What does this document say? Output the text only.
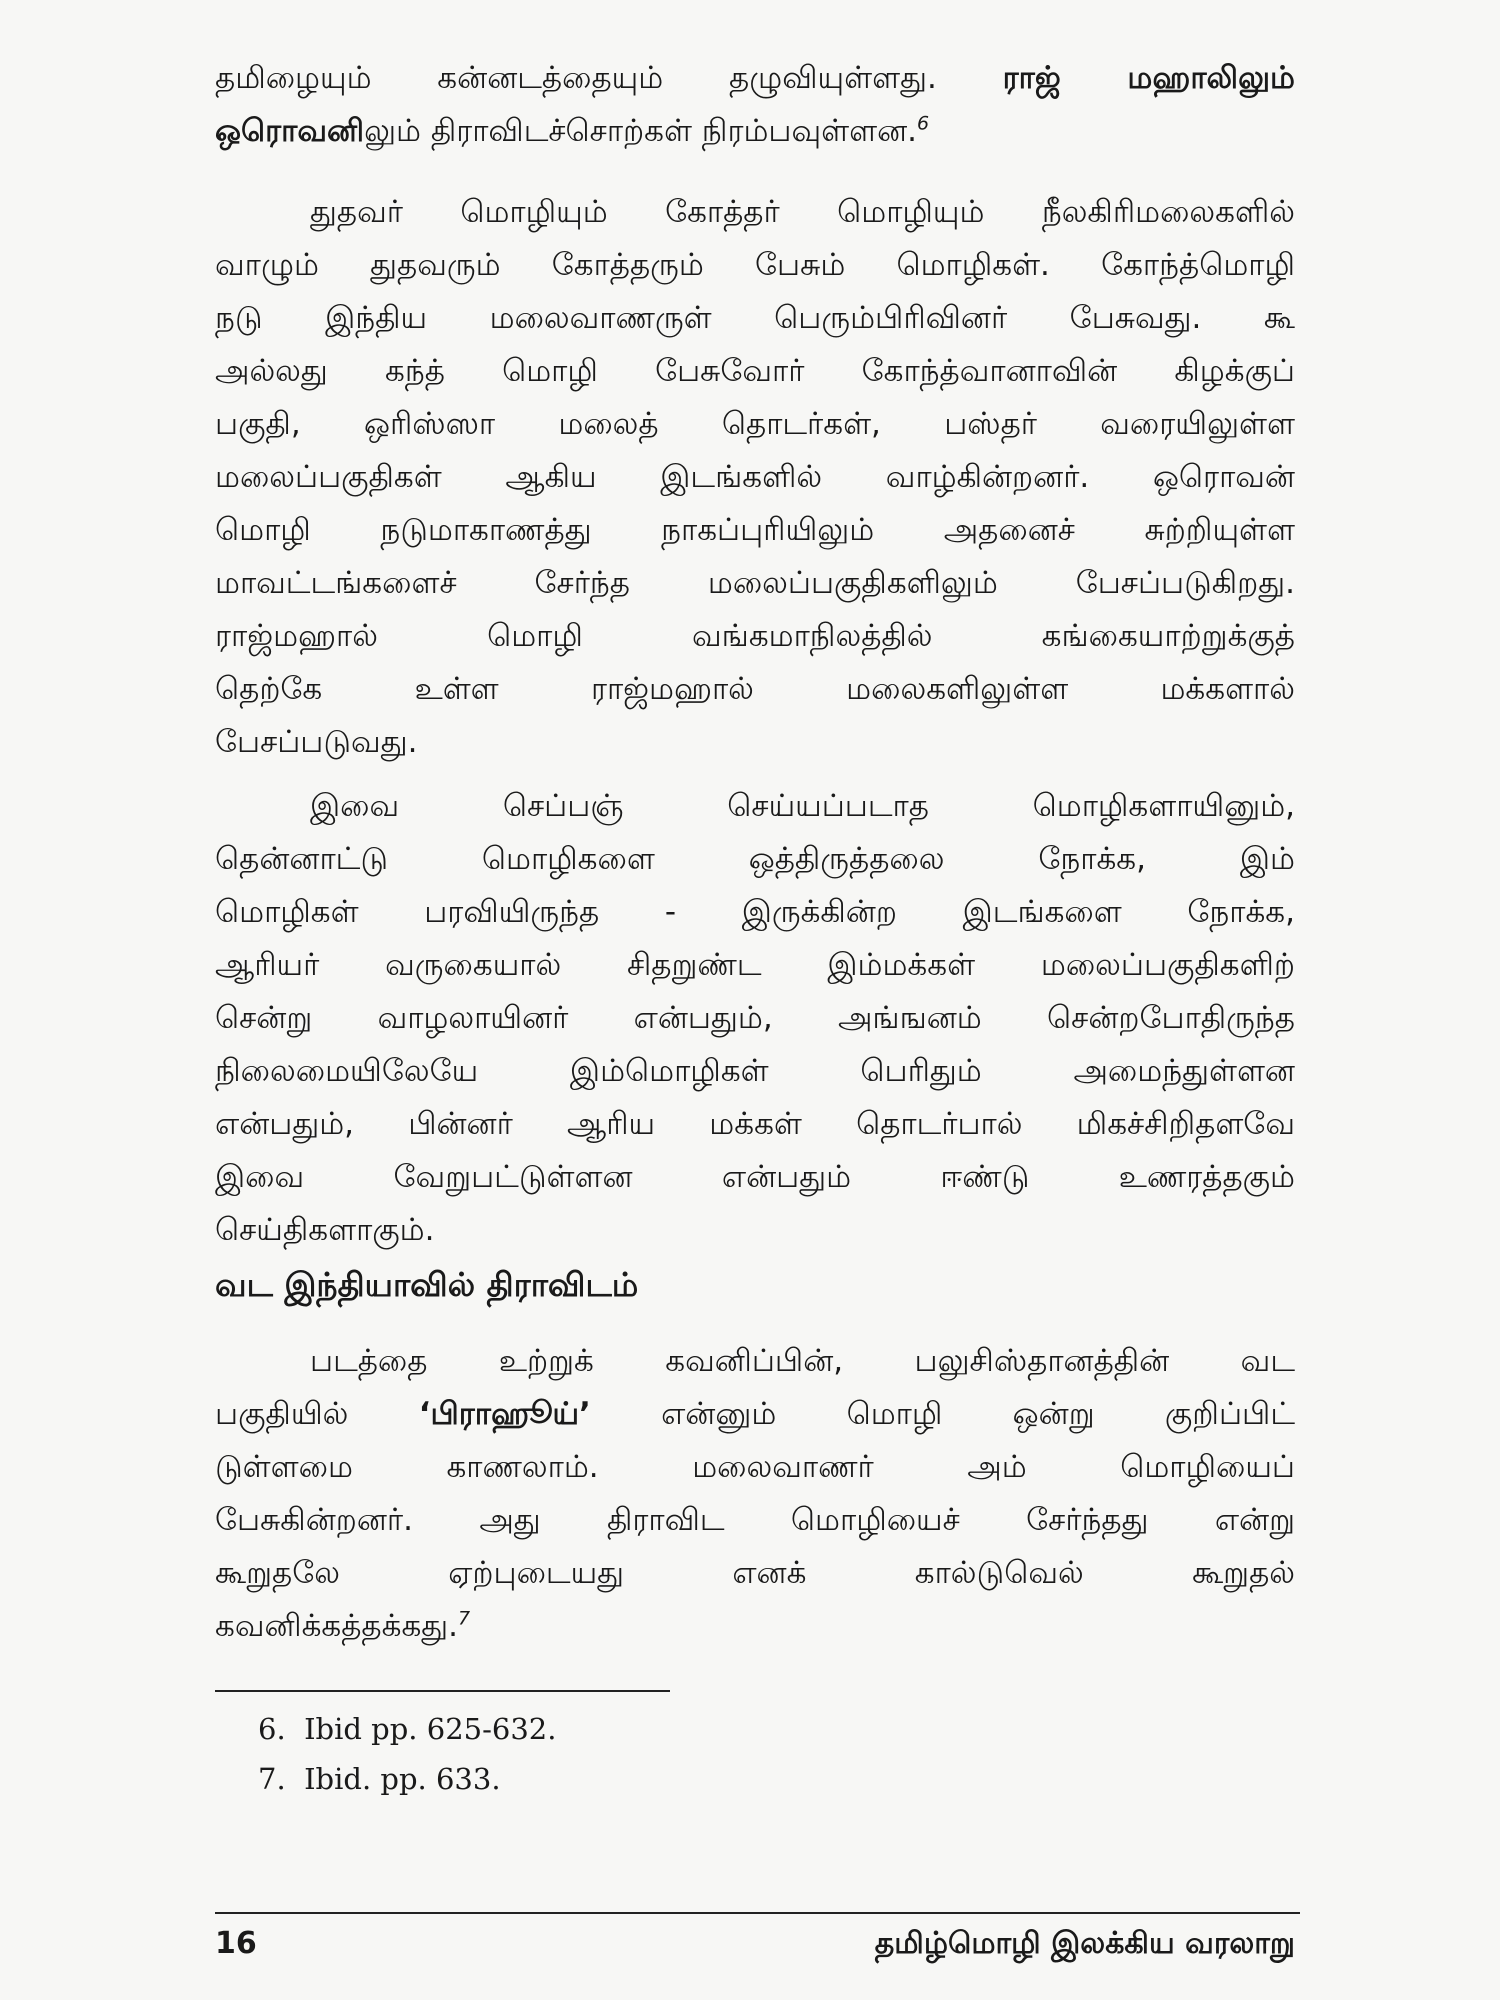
தமிழையும் கன்னடத்தையும் தழுவியுள்ளது. ராஜ் மஹாலிலும்
ஒரொவனிலும் திராவிடச்சொற்கள் நிரம்பவுள்ளன.$^6$
துதவர் மொழியும் கோத்தர் மொழியும் நீலகிரிமலைகளில்
வாழும் துதவரும் கோத்தரும் பேசும் மொழிகள். கோந்த்மொழி
நடு இந்திய மலைவாணருள் பெரும்பிரிவினர் பேசுவது. கூ
அல்லது கந்த் மொழி பேசுவோர் கோந்த்வானாவின் கிழக்குப்
பகுதி, ஒரிஸ்ஸா மலைத் தொடர்கள், பஸ்தர் வரையிலுள்ள
மலைப்பகுதிகள் ஆகிய இடங்களில் வாழ்கின்றனர். ஒரொவன்
மொழி நடுமாகாணத்து நாகப்புரியிலும் அதனைச் சுற்றியுள்ள
மாவட்டங்களைச் சேர்ந்த மலைப்பகுதிகளிலும் பேசப்படுகிறது.
ராஜ்மஹால் மொழி வங்கமாநிலத்தில் கங்கையாற்றுக்குத்
தெற்கே உள்ள ராஜ்மஹால் மலைகளிலுள்ள மக்களால்
பேசப்படுவது.
இவை செப்பஞ் செய்யப்படாத மொழிகளாயினும்,
தென்னாட்டு மொழிகளை ஒத்திருத்தலை நோக்க, இம்
மொழிகள் பரவியிருந்த - இருக்கின்ற இடங்களை நோக்க,
ஆரியர் வருகையால் சிதறுண்ட இம்மக்கள் மலைப்பகுதிகளிற்
சென்று வாழலாயினர் என்பதும், அங்ஙனம் சென்றபோதிருந்த
நிலைமையிலேயே இம்மொழிகள் பெரிதும் அமைந்துள்ளன
என்பதும், பின்னர் ஆரிய மக்கள் தொடர்பால் மிகச்சிறிதளவே
இவை வேறுபட்டுள்ளன என்பதும் ஈண்டு உணரத்தகும்
செய்திகளாகும்.
வட இந்தியாவில் திராவிடம்
படத்தை உற்றுக் கவனிப்பின், பலுசிஸ்தானத்தின் வட
பகுதியில் ‘பிராஹூய்’ என்னும் மொழி ஒன்று குறிப்பிட்
டுள்ளமை காணலாம். மலைவாணர் அம் மொழியைப்
பேசுகின்றனர். அது திராவிட மொழியைச் சேர்ந்தது என்று
கூறுதலே ஏற்புடையது எனக் கால்டுவெல் கூறுதல்
கவனிக்கத்தக்கது.$^7$
6.  Ibid pp. 625-632.
7.  Ibid. pp. 633.
16	தமிழ்மொழி இலக்கிய வரலாறு
